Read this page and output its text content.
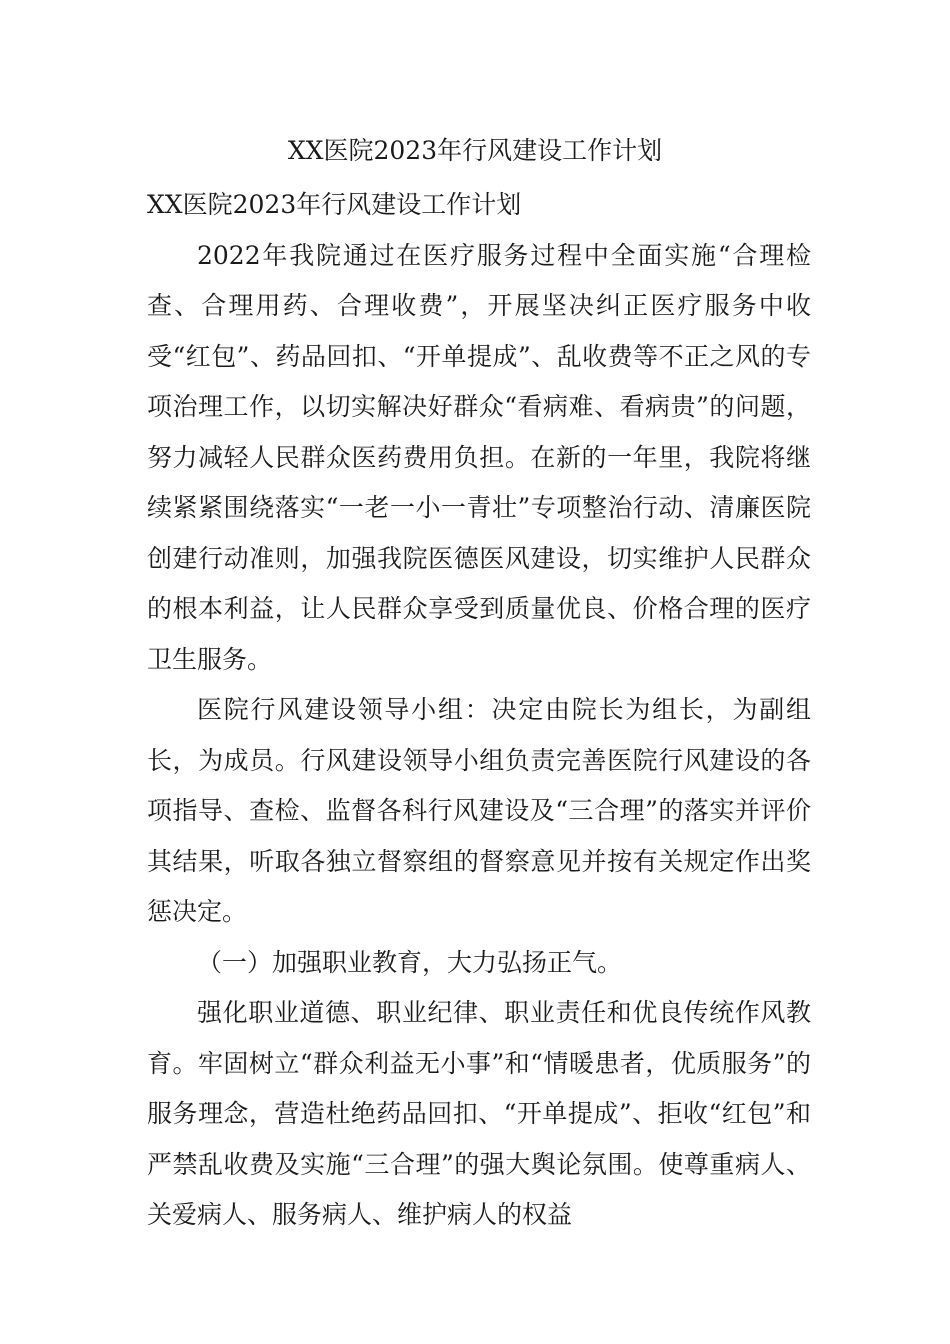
XX医院2023年行风建设工作计划

XX医院2023年行风建设工作计划

2022年我院通过在医疗服务过程中全面实施“合理检查、合理用药、合理收费”，开展坚决纠正医疗服务中收受“红包”、药品回扣、“开单提成”、乱收费等不正之风的专项治理工作，以切实解决好群众“看病难、看病贵”的问题，努力减轻人民群众医药费用负担。在新的一年里，我院将继续紧紧围绕落实“一老一小一青壮”专项整治行动、清廉医院创建行动准则，加强我院医德医风建设，切实维护人民群众的根本利益，让人民群众享受到质量优良、价格合理的医疗卫生服务。

医院行风建设领导小组：决定由院长为组长，为副组长，为成员。行风建设领导小组负责完善医院行风建设的各项指导、查检、监督各科行风建设及“三合理”的落实并评价其结果，听取各独立督察组的督察意见并按有关规定作出奖惩决定。

（一）加强职业教育，大力弘扬正气。

强化职业道德、职业纪律、职业责任和优良传统作风教育。牢固树立“群众利益无小事”和“情暖患者，优质服务”的服务理念，营造杜绝药品回扣、“开单提成”、拒收“红包”和严禁乱收费及实施“三合理”的强大舆论氛围。使尊重病人、关爱病人、服务病人、维护病人的权益
